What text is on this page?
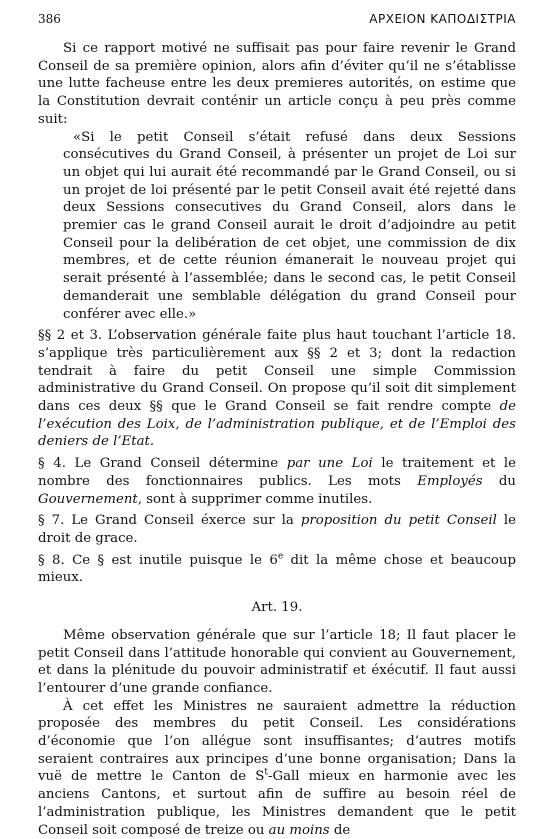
386	ΑΡΧΕΙΟΝ ΚΑΠΟΔΙΣΤΡΙΑ

Si ce rapport motivé ne suffisait pas pour faire revenir le Grand Conseil de sa première opinion, alors afin d’éviter qu’il ne s’établisse une lutte facheuse entre les deux premieres autorités, on estime que la Constitution devrait conténir un article conçu à peu près comme suit:

«Si le petit Conseil s’était refusé dans deux Sessions consécutives du Grand Conseil, à présenter un projet de Loi sur un objet qui lui aurait été recommandé par le Grand Conseil, ou si un projet de loi présenté par le petit Conseil avait été rejetté dans deux Sessions consecutives du Grand Conseil, alors dans le premier cas le grand Conseil aurait le droit d’adjoindre au petit Conseil pour la delibération de cet objet, une commission de dix membres, et de cette réunion émanerait le nouveau projet qui serait présenté à l’assemblée; dans le second cas, le petit Conseil demanderait une semblable délégation du grand Conseil pour conférer avec elle.»

§§ 2 et 3. L’observation générale faite plus haut touchant l’article 18. s’applique très particulièrement aux §§ 2 et 3; dont la redaction tendrait à faire du petit Conseil une simple Commission administrative du Grand Conseil. On propose qu’il soit dit simplement dans ces deux §§ que le Grand Conseil se fait rendre compte de l’exécution des Loix, de l’administration publique, et de l’Emploi des deniers de l’Etat.

§ 4. Le Grand Conseil détermine par une Loi le traitement et le nombre des fonctionnaires publics. Les mots Employés du Gouvernement, sont à supprimer comme inutiles.

§ 7. Le Grand Conseil éxerce sur la proposition du petit Conseil le droit de grace.

§ 8. Ce § est inutile puisque le 6e dit la même chose et beaucoup mieux.

Art. 19.

Même observation générale que sur l’article 18; Il faut placer le petit Conseil dans l’attitude honorable qui convient au Gouvernement, et dans la plénitude du pouvoir administratif et éxécutif. Il faut aussi l’entourer d’une grande confiance.

À cet effet les Ministres ne sauraient admettre la réduction proposée des membres du petit Conseil. Les considérations d’économie que l’on allégue sont insuffisantes; d’autres motifs seraient contraires aux principes d’une bonne organisation; Dans la vuë de mettre le Canton de $S^t$-Gall mieux en harmonie avec les anciens Cantons, et surtout afin de suffire au besoin réel de l’administration publique, les Ministres demandent que le petit Conseil soit composé de treize ou au moins de
